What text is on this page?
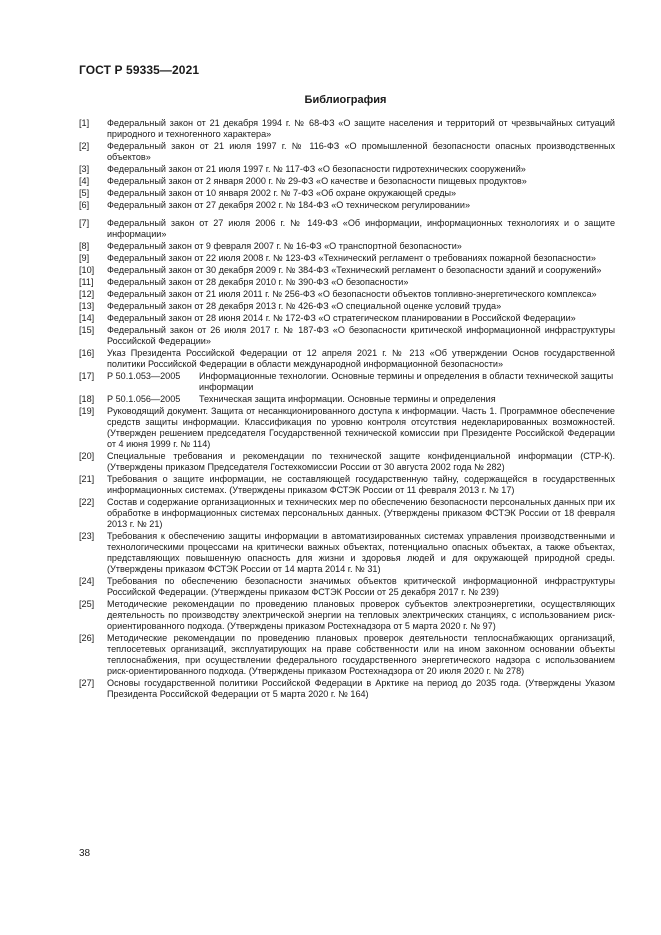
ГОСТ Р 59335—2021
Библиография
[1] Федеральный закон от 21 декабря 1994 г. № 68-ФЗ «О защите населения и территорий от чрезвычайных ситуаций природного и техногенного характера»
[2] Федеральный закон от 21 июля 1997 г. № 116-ФЗ «О промышленной безопасности опасных производственных объектов»
[3] Федеральный закон от 21 июля 1997 г. № 117-ФЗ «О безопасности гидротехнических сооружений»
[4] Федеральный закон от 2 января 2000 г. № 29-ФЗ «О качестве и безопасности пищевых продуктов»
[5] Федеральный закон от 10 января 2002 г. № 7-ФЗ «Об охране окружающей среды»
[6] Федеральный закон от 27 декабря 2002 г. № 184-ФЗ «О техническом регулировании»
[7] Федеральный закон от 27 июля 2006 г. № 149-ФЗ «Об информации, информационных технологиях и о защите информации»
[8] Федеральный закон от 9 февраля 2007 г. № 16-ФЗ «О транспортной безопасности»
[9] Федеральный закон от 22 июля 2008 г. № 123-ФЗ «Технический регламент о требованиях пожарной безопасности»
[10] Федеральный закон от 30 декабря 2009 г. № 384-ФЗ «Технический регламент о безопасности зданий и сооружений»
[11] Федеральный закон от 28 декабря 2010 г. № 390-ФЗ «О безопасности»
[12] Федеральный закон от 21 июля 2011 г. № 256-ФЗ «О безопасности объектов топливно-энергетического комплекса»
[13] Федеральный закон от 28 декабря 2013 г. № 426-ФЗ «О специальной оценке условий труда»
[14] Федеральный закон от 28 июня 2014 г. № 172-ФЗ «О стратегическом планировании в Российской Федерации»
[15] Федеральный закон от 26 июля 2017 г. № 187-ФЗ «О безопасности критической информационной инфраструктуры Российской Федерации»
[16] Указ Президента Российской Федерации от 12 апреля 2021 г. № 213 «Об утверждении Основ государственной политики Российской Федерации в области международной информационной безопасности»
[17] Р 50.1.053—2005	Информационные технологии. Основные термины и определения в области технической защиты информации
[18] Р 50.1.056—2005	Техническая защита информации. Основные термины и определения
[19] Руководящий документ. Защита от несанкционированного доступа к информации. Часть 1. Программное обеспечение средств защиты информации. Классификация по уровню контроля отсутствия недекларированных возможностей. (Утвержден решением председателя Государственной технической комиссии при Президенте Российской Федерации от 4 июня 1999 г. № 114)
[20] Специальные требования и рекомендации по технической защите конфиденциальной информации (СТР-К). (Утверждены приказом Председателя Гостехкомиссии России от 30 августа 2002 года № 282)
[21] Требования о защите информации, не составляющей государственную тайну, содержащейся в государственных информационных системах. (Утверждены приказом ФСТЭК России от 11 февраля 2013 г. № 17)
[22] Состав и содержание организационных и технических мер по обеспечению безопасности персональных данных при их обработке в информационных системах персональных данных. (Утверждены приказом ФСТЭК России от 18 февраля 2013 г. № 21)
[23] Требования к обеспечению защиты информации в автоматизированных системах управления производственными и технологическими процессами на критически важных объектах, потенциально опасных объектах, а также объектах, представляющих повышенную опасность для жизни и здоровья людей и для окружающей природной среды. (Утверждены приказом ФСТЭК России от 14 марта 2014 г. № 31)
[24] Требования по обеспечению безопасности значимых объектов критической информационной инфраструктуры Российской Федерации. (Утверждены приказом ФСТЭК России от 25 декабря 2017 г. № 239)
[25] Методические рекомендации по проведению плановых проверок субъектов электроэнергетики, осуществляющих деятельность по производству электрической энергии на тепловых электрических станциях, с использованием риск-ориентированного подхода. (Утверждены приказом Ростехнадзора от 5 марта 2020 г. № 97)
[26] Методические рекомендации по проведению плановых проверок деятельности теплоснабжающих организаций, теплосетевых организаций, эксплуатирующих на праве собственности или на ином законном основании объекты теплоснабжения, при осуществлении федерального государственного энергетического надзора с использованием риск-ориентированного подхода. (Утверждены приказом Ростехнадзора от 20 июля 2020 г. № 278)
[27] Основы государственной политики Российской Федерации в Арктике на период до 2035 года. (Утверждены Указом Президента Российской Федерации от 5 марта 2020 г. № 164)
38
